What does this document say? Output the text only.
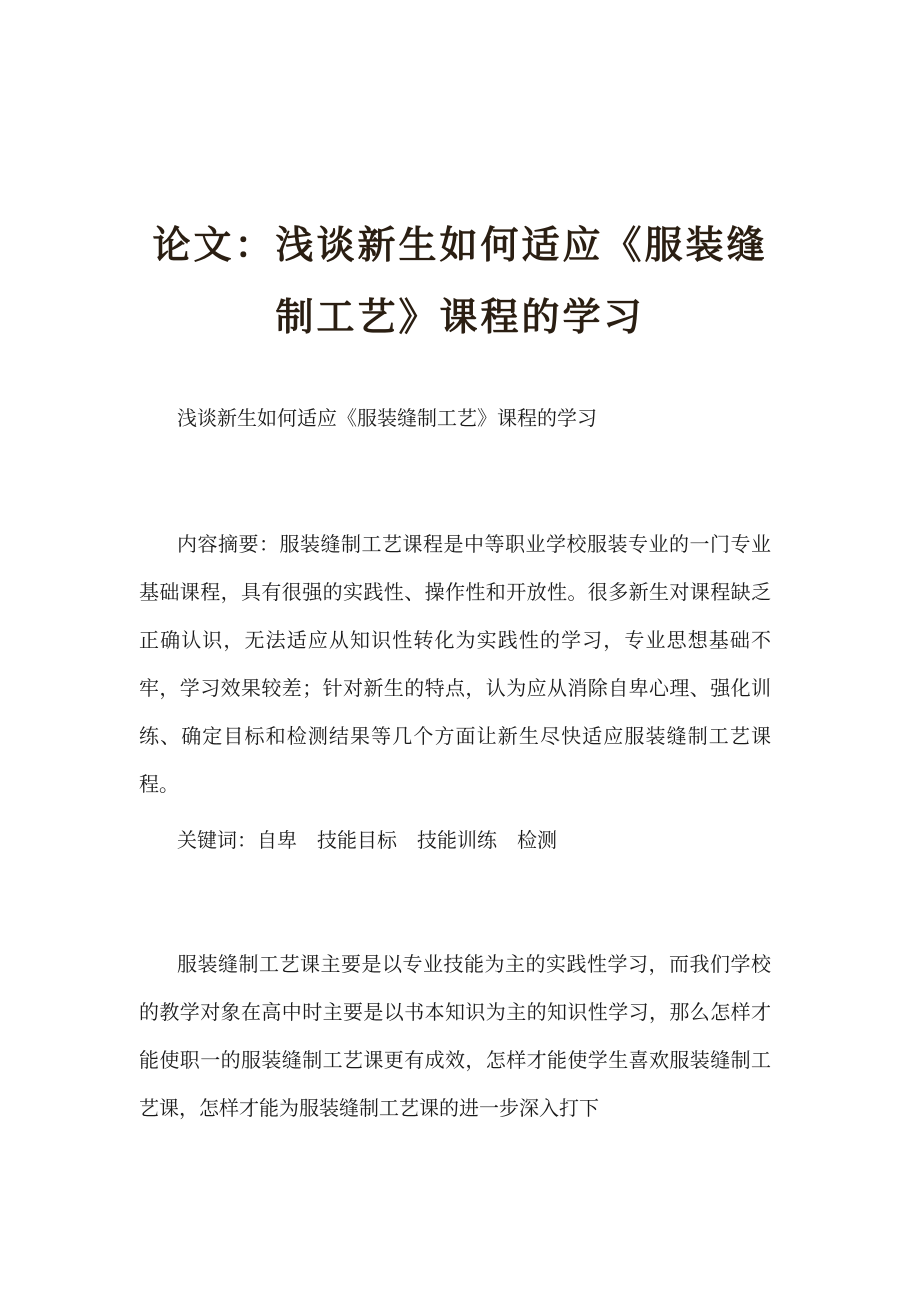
论文：浅谈新生如何适应《服装缝
制工艺》课程的学习
浅谈新生如何适应《服装缝制工艺》课程的学习
内容摘要：服装缝制工艺课程是中等职业学校服装专业的一门专业基础课程，具有很强的实践性、操作性和开放性。很多新生对课程缺乏正确认识，无法适应从知识性转化为实践性的学习，专业思想基础不牢，学习效果较差；针对新生的特点，认为应从消除自卑心理、强化训练、确定目标和检测结果等几个方面让新生尽快适应服装缝制工艺课程。
关键词：自卑　技能目标　技能训练　检测
服装缝制工艺课主要是以专业技能为主的实践性学习，而我们学校的教学对象在高中时主要是以书本知识为主的知识性学习，那么怎样才能使职一的服装缝制工艺课更有成效，怎样才能使学生喜欢服装缝制工艺课，怎样才能为服装缝制工艺课的进一步深入打下
